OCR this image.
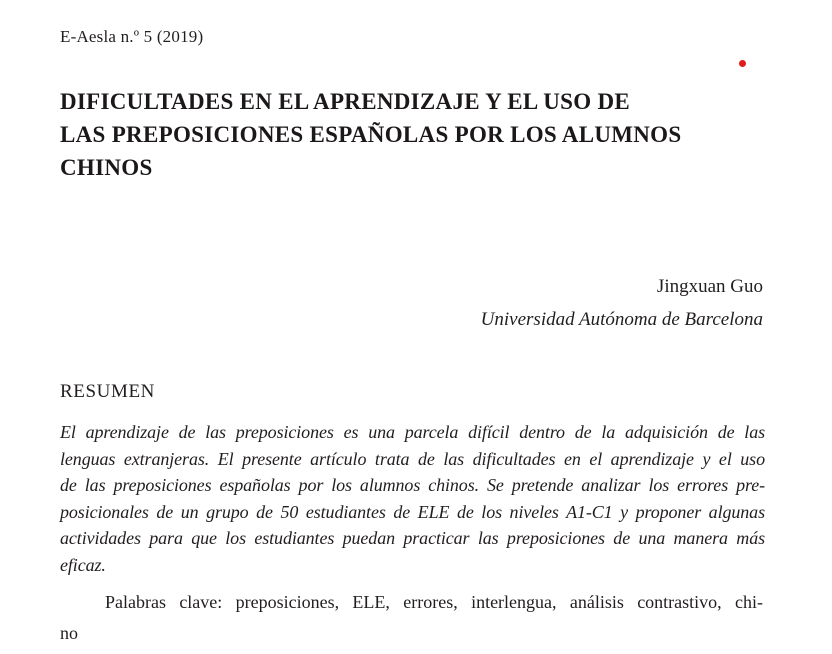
E-Aesla n.º 5 (2019)
DIFICULTADES EN EL APRENDIZAJE Y EL USO DE
LAS PREPOSICIONES ESPAÑOLAS POR LOS ALUMNOS
CHINOS
Jingxuan Guo
Universidad Autónoma de Barcelona
RESUMEN
El aprendizaje de las preposiciones es una parcela difícil dentro de la adquisición de las
lenguas extranjeras. El presente artículo trata de las dificultades en el aprendizaje y el uso
de las preposiciones españolas por los alumnos chinos. Se pretende analizar los errores pre-
posicionales de un grupo de 50 estudiantes de ELE de los niveles A1-C1 y proponer algunas
actividades para que los estudiantes puedan practicar las preposiciones de una manera más
eficaz.
Palabras clave: preposiciones, ELE, errores, interlengua, análisis contrastivo, chi-
no
